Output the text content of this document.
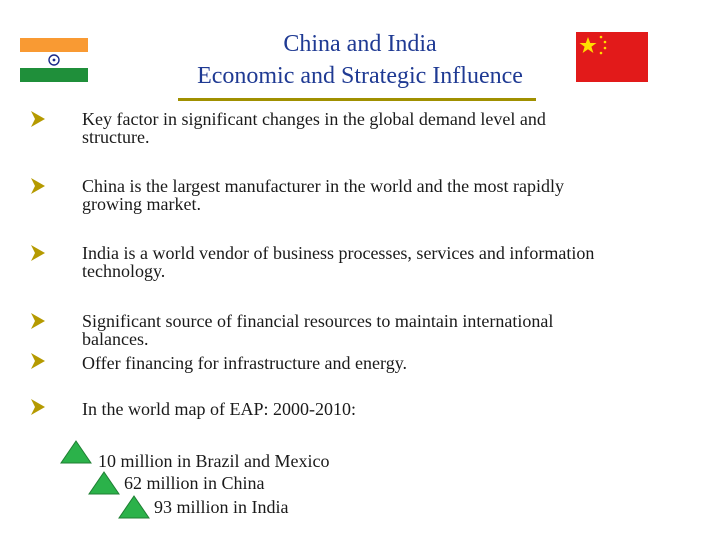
China and India
Economic and Strategic Influence
Key factor in significant changes in the global demand level and
structure.
China is the largest manufacturer in the world and the most rapidly
growing market.
India is a world vendor of business processes, services and information
technology.
Significant source of financial resources to maintain international
balances.
Offer financing for infrastructure and energy.
In the world map of EAP: 2000-2010:
10 million in Brazil and Mexico
62 million in China
93 million in India
